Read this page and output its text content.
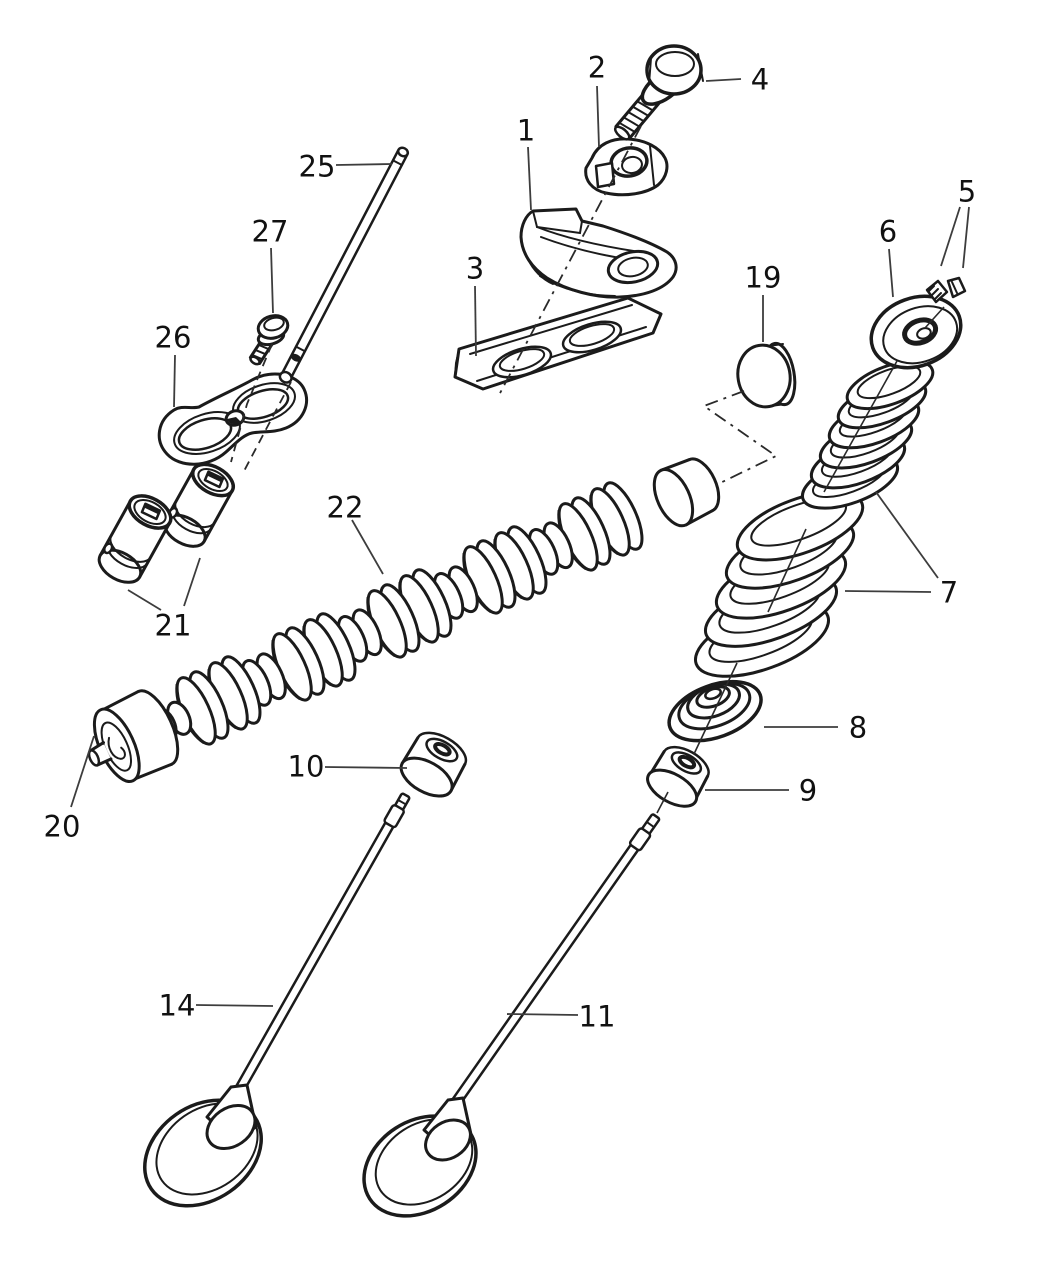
1
2
3
4
5
6
7
8
9
10
11
14
19
20
21
22
25
26
27
